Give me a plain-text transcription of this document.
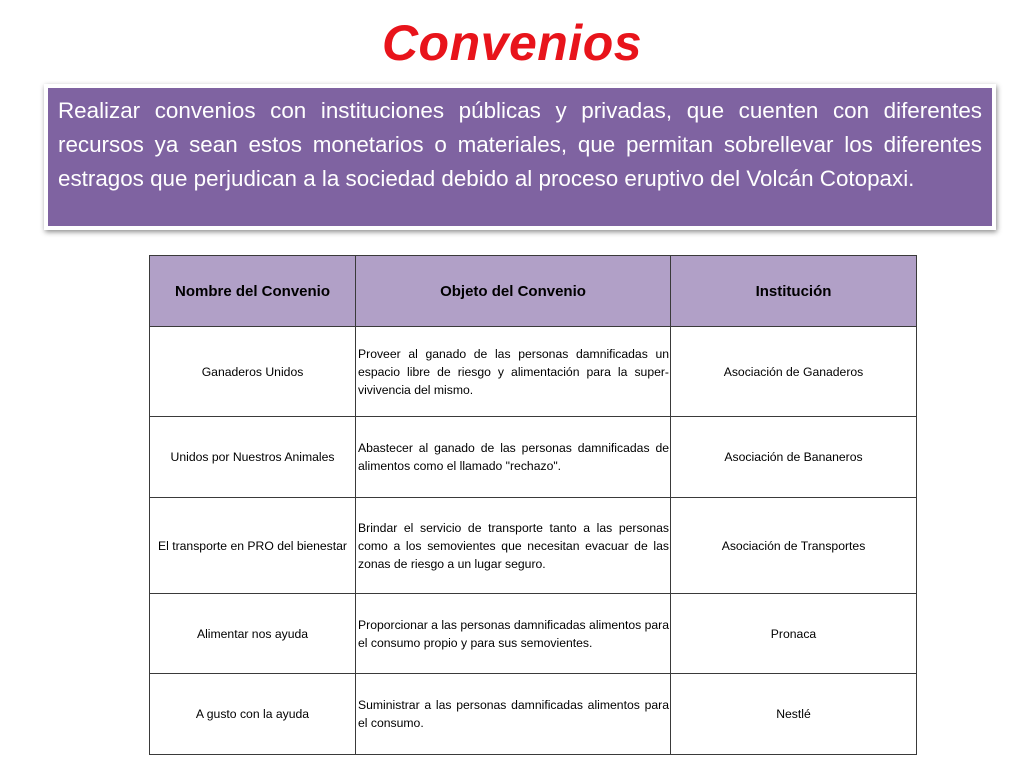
Convenios
Realizar convenios con instituciones públicas y privadas, que cuenten con diferentes recursos ya sean estos monetarios o materiales, que permitan sobrellevar los diferentes estragos que perjudican a la sociedad debido al proceso eruptivo del Volcán Cotopaxi.
Nombre del Convenio	Objeto del Convenio	Institución
Ganaderos Unidos	Proveer al ganado de las personas damnificadas un espacio libre de riesgo y alimentación para la super-vivivencia del mismo.	Asociación de Ganaderos
Unidos por Nuestros Animales	Abastecer al ganado de las personas damnificadas de alimentos como el llamado "rechazo".	Asociación de Bananeros
El transporte en PRO del bienestar	Brindar el servicio de transporte tanto a las personas como a los semovientes que necesitan evacuar de las zonas de riesgo a un lugar seguro.	Asociación de Transportes
Alimentar nos ayuda	Proporcionar a las personas damnificadas alimentos para el consumo propio y para sus semovientes.	Pronaca
A gusto con la ayuda	Suministrar a las personas damnificadas alimentos para el consumo.	Nestlé
